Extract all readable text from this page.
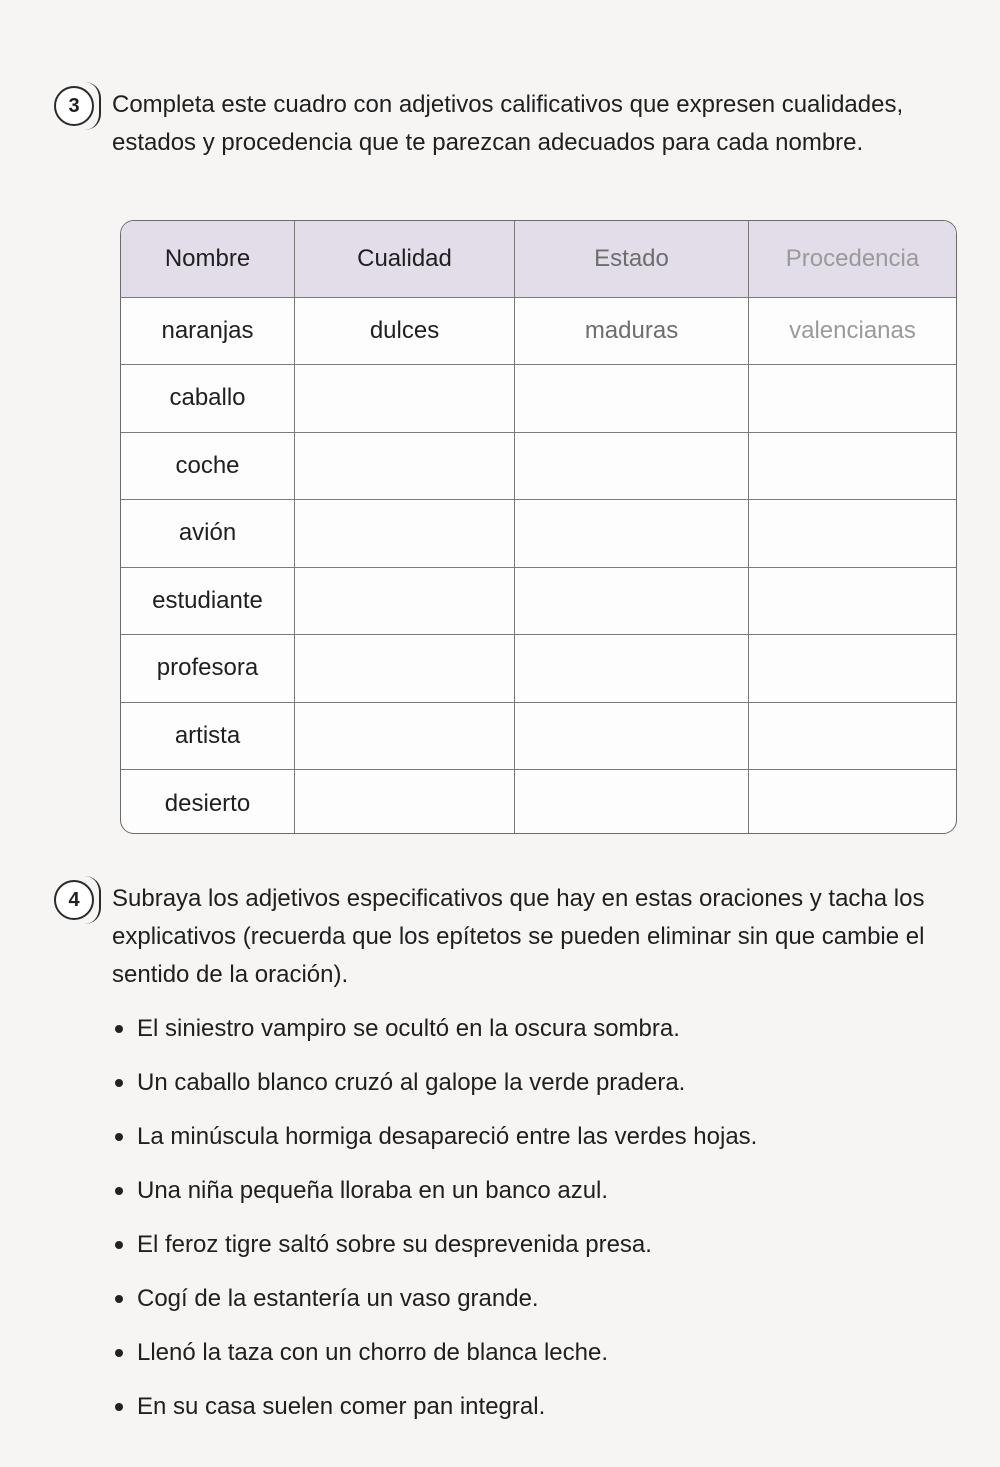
3 Completa este cuadro con adjetivos calificativos que expresen cualidades, estados y procedencia que te parezcan adecuados para cada nombre.

Nombre	Cualidad	Estado	Procedencia
naranjas	dulces	maduras	valencianas
caballo			
coche			
avión			
estudiante			
profesora			
artista			
desierto			
4 Subraya los adjetivos especificativos que hay en estas oraciones y tacha los explicativos (recuerda que los epítetos se pueden eliminar sin que cambie el sentido de la oración).

El siniestro vampiro se ocultó en la oscura sombra.
Un caballo blanco cruzó al galope la verde pradera.
La minúscula hormiga desapareció entre las verdes hojas.
Una niña pequeña lloraba en un banco azul.
El feroz tigre saltó sobre su desprevenida presa.
Cogí de la estantería un vaso grande.
Llenó la taza con un chorro de blanca leche.
En su casa suelen comer pan integral.
